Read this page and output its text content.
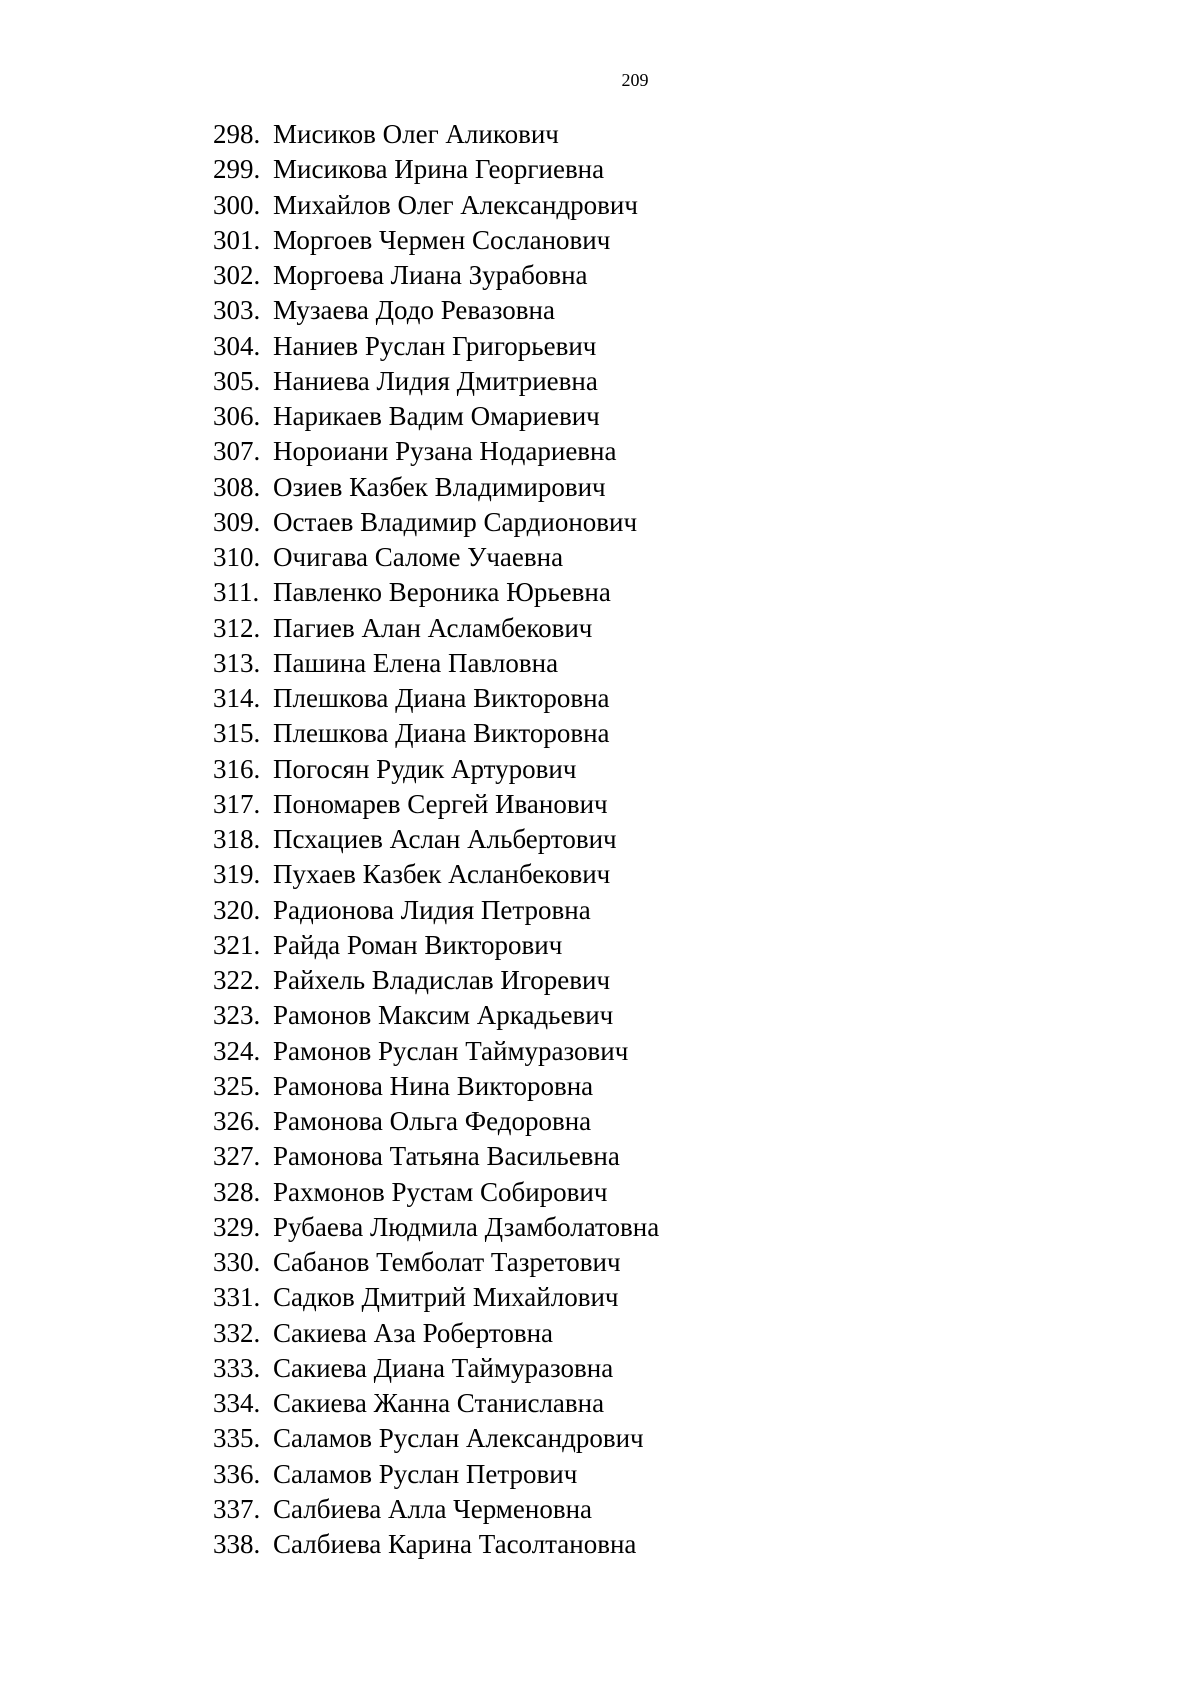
209
298. Мисиков Олег Аликович
299. Мисикова Ирина Георгиевна
300. Михайлов Олег Александрович
301. Моргоев Чермен Сосланович
302. Моргоева Лиана Зурабовна
303. Музаева Додо Ревазовна
304. Наниев Руслан Григорьевич
305. Наниева Лидия Дмитриевна
306. Нарикаев Вадим Омариевич
307. Нороиани Рузана Нодариевна
308. Озиев Казбек Владимирович
309. Остаев Владимир Сардионович
310. Очигава Саломе Учаевна
311. Павленко Вероника Юрьевна
312. Пагиев Алан Асламбекович
313. Пашина Елена Павловна
314. Плешкова Диана Викторовна
315. Плешкова Диана Викторовна
316. Погосян Рудик Артурович
317. Пономарев Сергей Иванович
318. Псхациев Аслан Альбертович
319. Пухаев Казбек Асланбекович
320. Радионова Лидия Петровна
321. Райда Роман Викторович
322. Райхель Владислав Игоревич
323. Рамонов Максим Аркадьевич
324. Рамонов Руслан Таймуразович
325. Рамонова Нина Викторовна
326. Рамонова Ольга Федоровна
327. Рамонова Татьяна Васильевна
328. Рахмонов Рустам Собирович
329. Рубаева Людмила Дзамболатовна
330. Сабанов Темболат Тазретович
331. Садков Дмитрий Михайлович
332. Сакиева Аза Робертовна
333. Сакиева Диана Таймуразовна
334. Сакиева Жанна Станиславна
335. Саламов Руслан Александрович
336. Саламов Руслан Петрович
337. Салбиева Алла Черменовна
338. Салбиева Карина Тасолтановна
